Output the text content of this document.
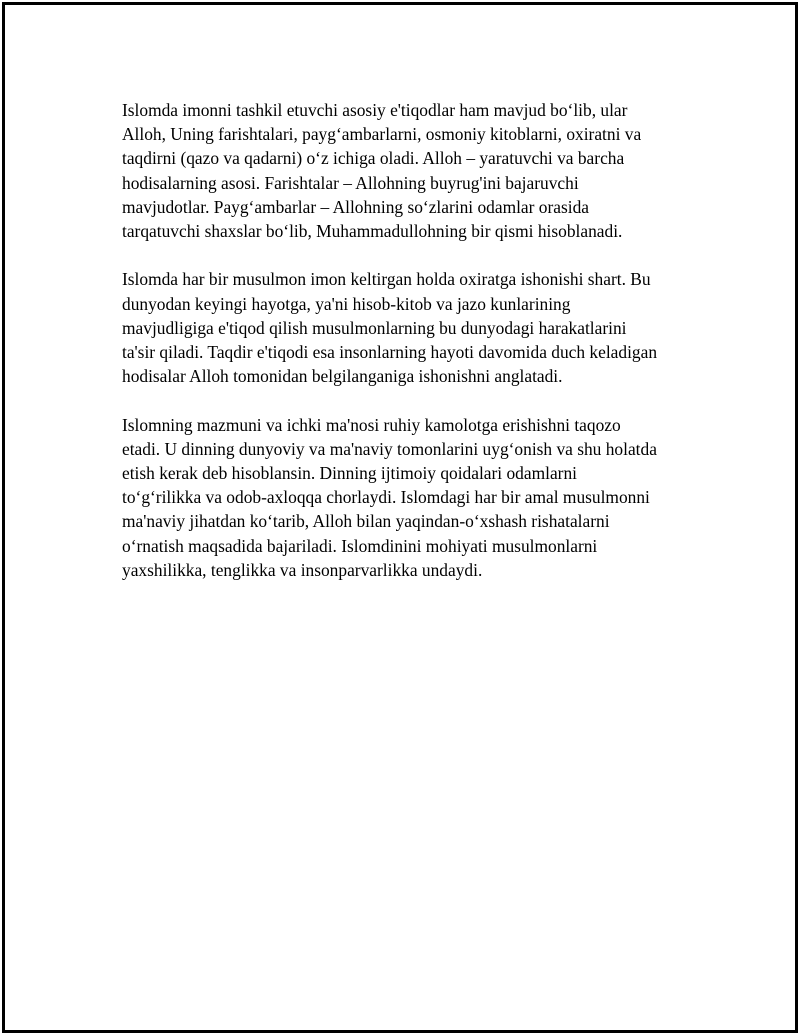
Islomda imonni tashkil etuvchi asosiy e'tiqodlar ham mavjud bo‘lib, ular
Alloh, Uning farishtalari, payg‘ambarlarni, osmoniy kitoblarni, oxiratni va
taqdirni (qazo va qadarni) o‘z ichiga oladi. Alloh – yaratuvchi va barcha
hodisalarning asosi. Farishtalar – Allohning buyrug'ini bajaruvchi
mavjudotlar. Payg‘ambarlar – Allohning so‘zlarini odamlar orasida
tarqatuvchi shaxslar bo‘lib, Muhammadullohning bir qismi hisoblanadi.

Islomda har bir musulmon imon keltirgan holda oxiratga ishonishi shart. Bu
dunyodan keyingi hayotga, ya'ni hisob-kitob va jazo kunlarining
mavjudligiga e'tiqod qilish musulmonlarning bu dunyodagi harakatlarini
ta'sir qiladi. Taqdir e'tiqodi esa insonlarning hayoti davomida duch keladigan
hodisalar Alloh tomonidan belgilanganiga ishonishni anglatadi.

Islomning mazmuni va ichki ma'nosi ruhiy kamolotga erishishni taqozo
etadi. U dinning dunyoviy va ma'naviy tomonlarini uyg‘onish va shu holatda
etish kerak deb hisoblansin. Dinning ijtimoiy qoidalari odamlarni
to‘g‘rilikka va odob-axloqqa chorlaydi. Islomdagi har bir amal musulmonni
ma'naviy jihatdan ko‘tarib, Alloh bilan yaqindan-o‘xshash rishatalarni
o‘rnatish maqsadida bajariladi. Islomdinini mohiyati musulmonlarni
yaxshilikka, tenglikka va insonparvarlikka undaydi.
